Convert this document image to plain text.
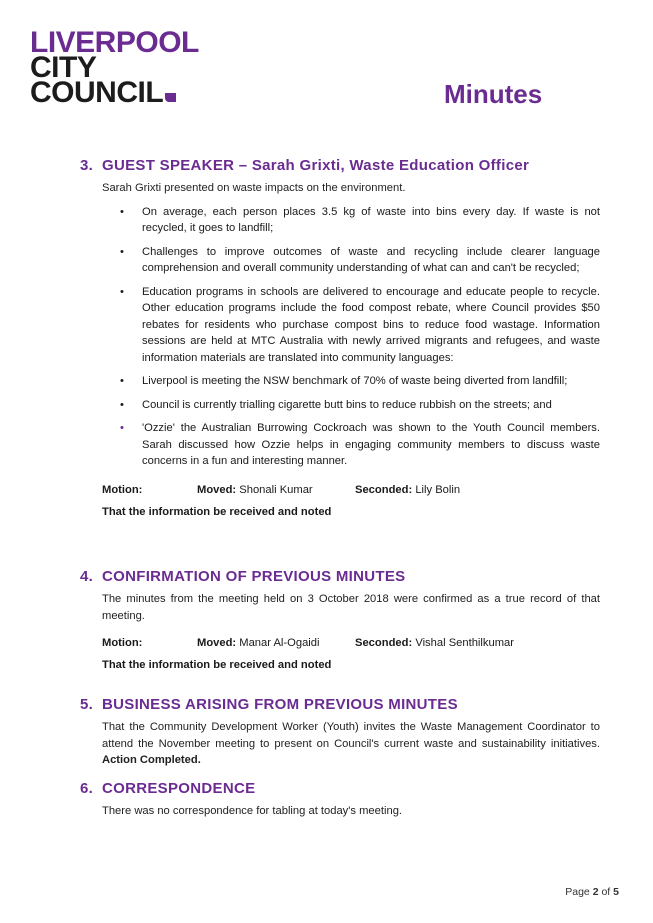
LIVERPOOL
CITY
COUNCIL	Minutes
3. GUEST SPEAKER – Sarah Grixti, Waste Education Officer
Sarah Grixti presented on waste impacts on the environment.
• On average, each person places 3.5 kg of waste into bins every day. If waste is not recycled, it goes to landfill;
• Challenges to improve outcomes of waste and recycling include clearer language comprehension and overall community understanding of what can and can't be recycled;
• Education programs in schools are delivered to encourage and educate people to recycle. Other education programs include the food compost rebate, where Council provides $50 rebates for residents who purchase compost bins to reduce food wastage. Information sessions are held at MTC Australia with newly arrived migrants and refugees, and waste information materials are translated into community languages:
• Liverpool is meeting the NSW benchmark of 70% of waste being diverted from landfill;
• Council is currently trialling cigarette butt bins to reduce rubbish on the streets; and
• 'Ozzie' the Australian Burrowing Cockroach was shown to the Youth Council members. Sarah discussed how Ozzie helps in engaging community members to discuss waste concerns in a fun and interesting manner.
Motion:	Moved: Shonali Kumar	Seconded: Lily Bolin
That the information be received and noted
4. CONFIRMATION OF PREVIOUS MINUTES
The minutes from the meeting held on 3 October 2018 were confirmed as a true record of that meeting.
Motion:	Moved: Manar Al-Ogaidi	Seconded: Vishal Senthilkumar
That the information be received and noted
5. BUSINESS ARISING FROM PREVIOUS MINUTES
That the Community Development Worker (Youth) invites the Waste Management Coordinator to attend the November meeting to present on Council's current waste and sustainability initiatives. Action Completed.
6. CORRESPONDENCE
There was no correspondence for tabling at today's meeting.
Page 2 of 5
